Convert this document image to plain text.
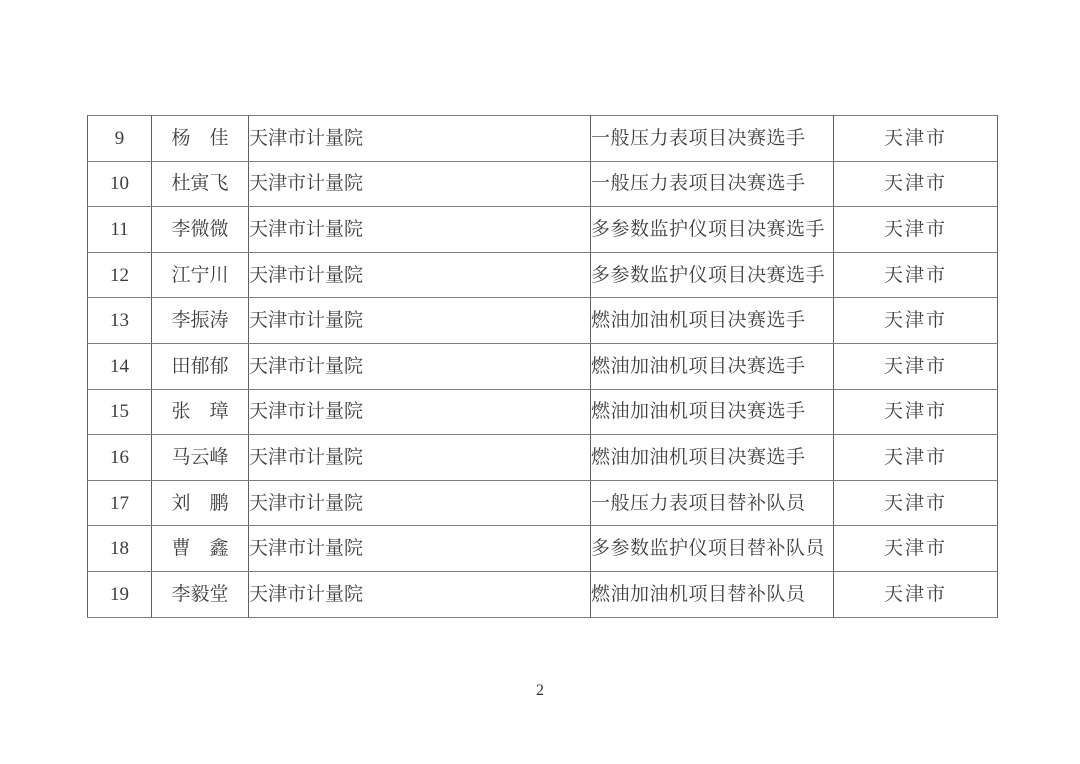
9	杨　佳	天津市计量院	一般压力表项目决赛选手	天津市
10	杜寅飞	天津市计量院	一般压力表项目决赛选手	天津市
11	李微微	天津市计量院	多参数监护仪项目决赛选手	天津市
12	江宁川	天津市计量院	多参数监护仪项目决赛选手	天津市
13	李振涛	天津市计量院	燃油加油机项目决赛选手	天津市
14	田郁郁	天津市计量院	燃油加油机项目决赛选手	天津市
15	张　璋	天津市计量院	燃油加油机项目决赛选手	天津市
16	马云峰	天津市计量院	燃油加油机项目决赛选手	天津市
17	刘　鹏	天津市计量院	一般压力表项目替补队员	天津市
18	曹　鑫	天津市计量院	多参数监护仪项目替补队员	天津市
19	李毅堂	天津市计量院	燃油加油机项目替补队员	天津市
2
